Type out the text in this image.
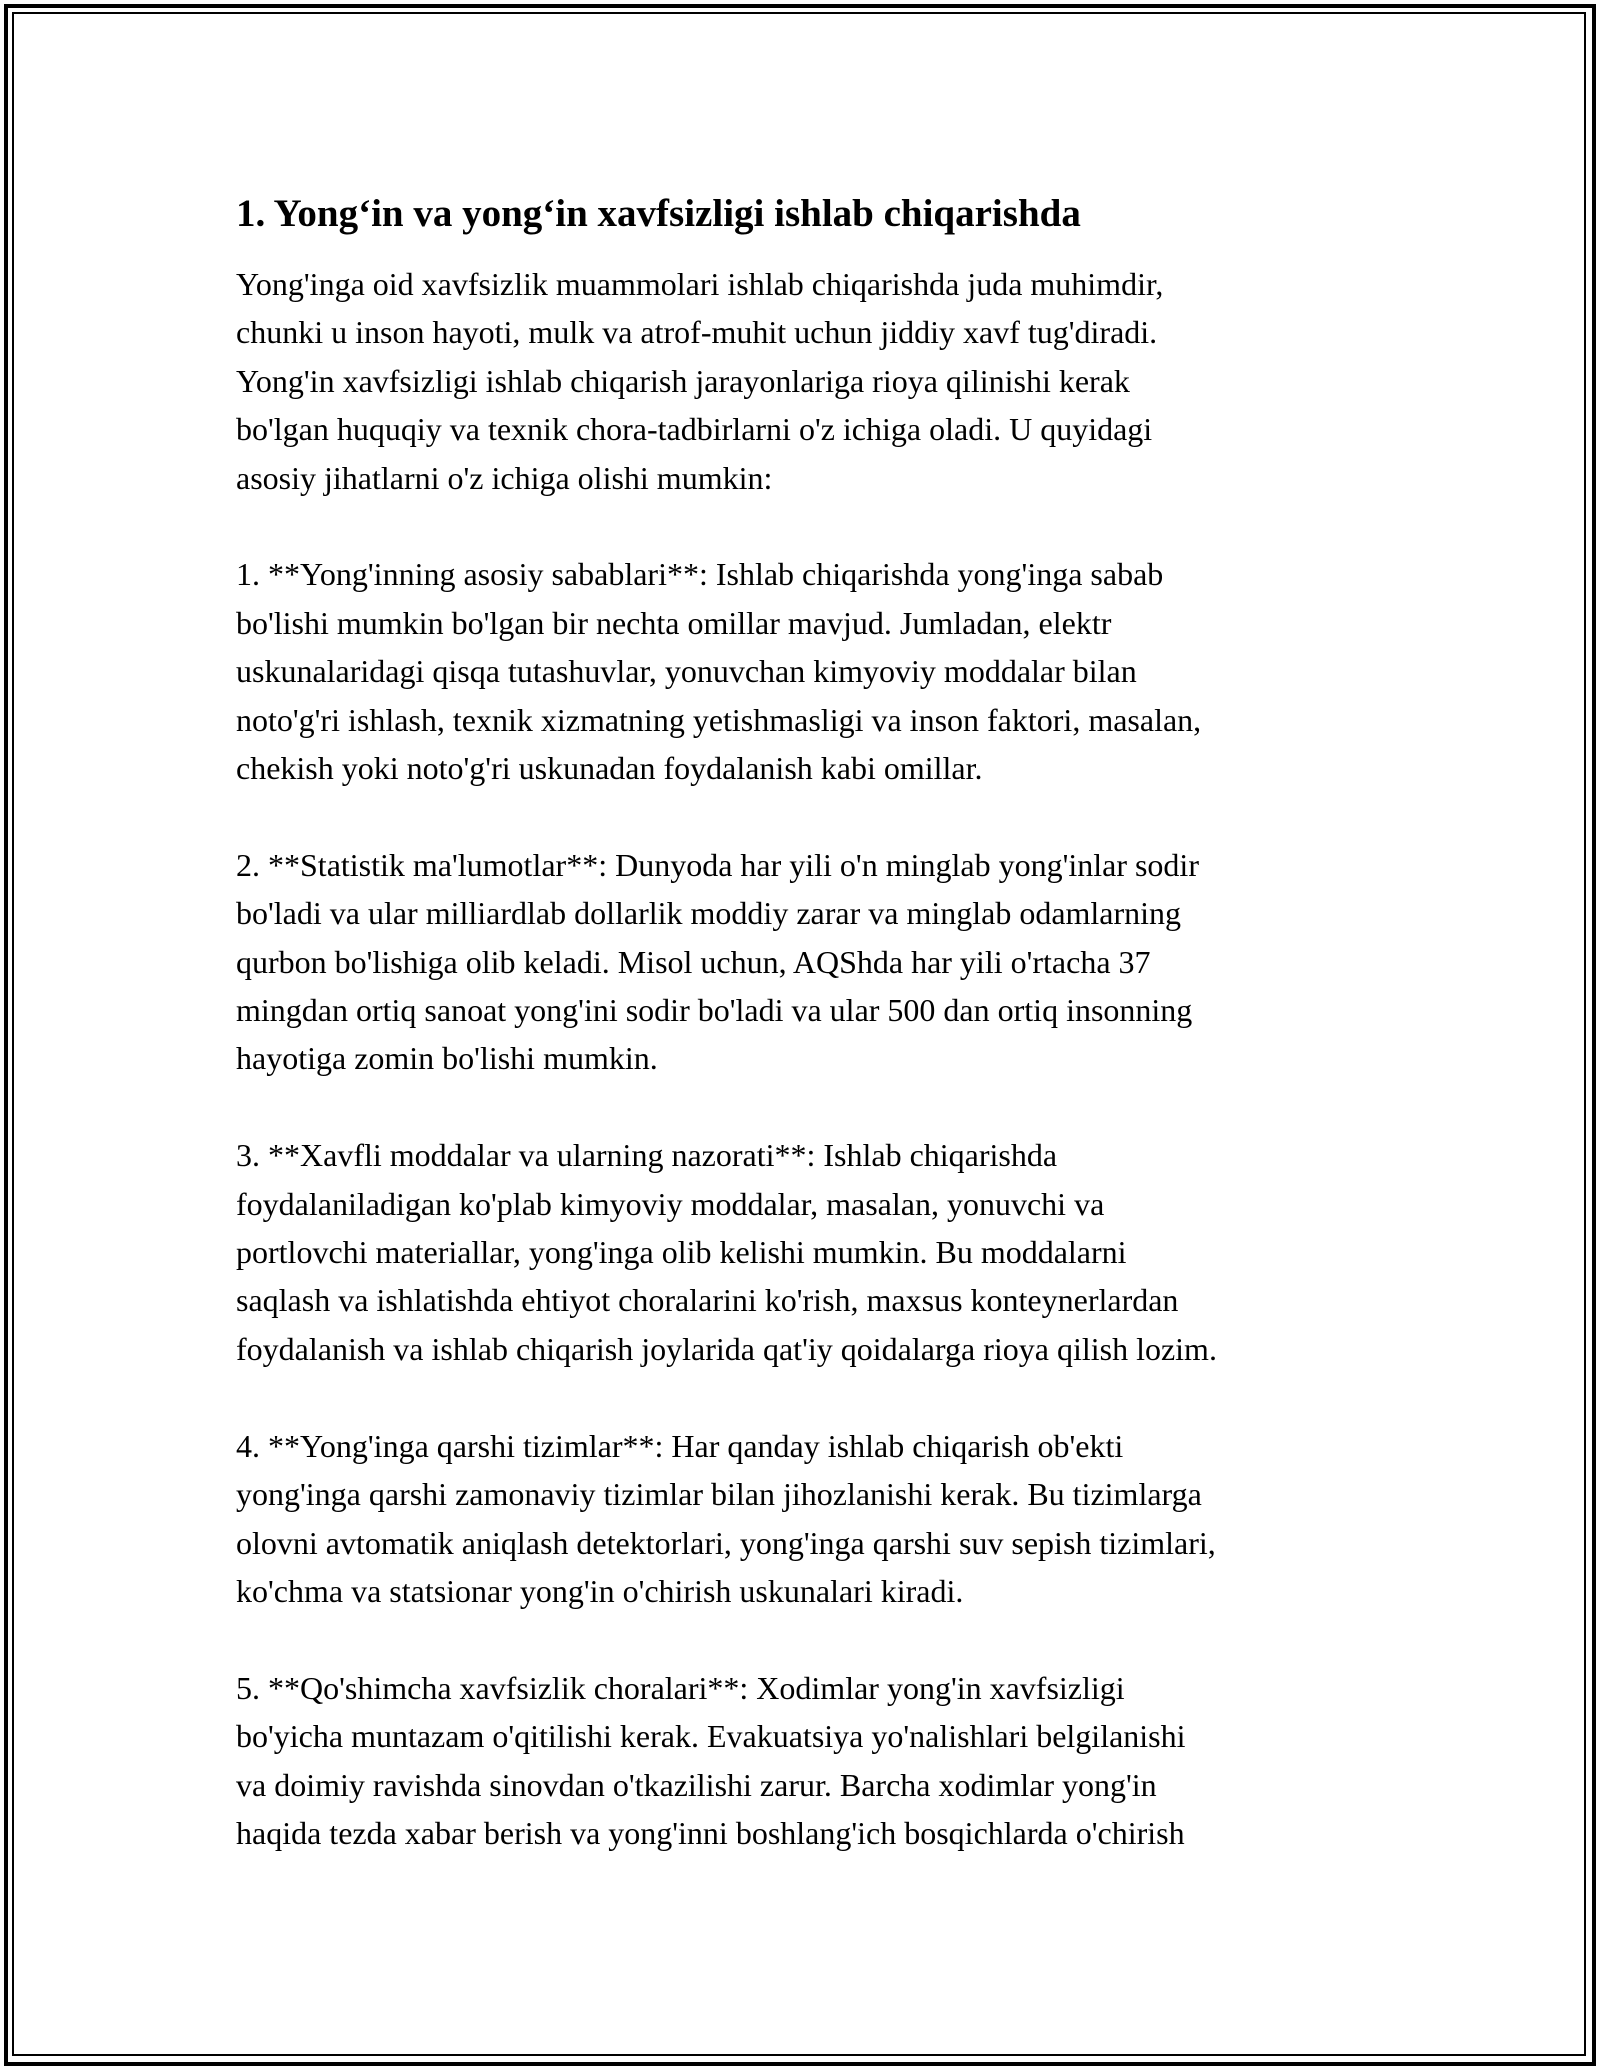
1. Yong‘in va yong‘in xavfsizligi ishlab chiqarishda

Yong'inga oid xavfsizlik muammolari ishlab chiqarishda juda muhimdir,
chunki u inson hayoti, mulk va atrof-muhit uchun jiddiy xavf tug'diradi.
Yong'in xavfsizligi ishlab chiqarish jarayonlariga rioya qilinishi kerak
bo'lgan huquqiy va texnik chora-tadbirlarni o'z ichiga oladi. U quyidagi
asosiy jihatlarni o'z ichiga olishi mumkin:

1. **Yong'inning asosiy sabablari**: Ishlab chiqarishda yong'inga sabab
bo'lishi mumkin bo'lgan bir nechta omillar mavjud. Jumladan, elektr
uskunalaridagi qisqa tutashuvlar, yonuvchan kimyoviy moddalar bilan
noto'g'ri ishlash, texnik xizmatning yetishmasligi va inson faktori, masalan,
chekish yoki noto'g'ri uskunadan foydalanish kabi omillar.

2. **Statistik ma'lumotlar**: Dunyoda har yili o'n minglab yong'inlar sodir
bo'ladi va ular milliardlab dollarlik moddiy zarar va minglab odamlarning
qurbon bo'lishiga olib keladi. Misol uchun, AQShda har yili o'rtacha 37
mingdan ortiq sanoat yong'ini sodir bo'ladi va ular 500 dan ortiq insonning
hayotiga zomin bo'lishi mumkin.

3. **Xavfli moddalar va ularning nazorati**: Ishlab chiqarishda
foydalaniladigan ko'plab kimyoviy moddalar, masalan, yonuvchi va
portlovchi materiallar, yong'inga olib kelishi mumkin. Bu moddalarni
saqlash va ishlatishda ehtiyot choralarini ko'rish, maxsus konteynerlardan
foydalanish va ishlab chiqarish joylarida qat'iy qoidalarga rioya qilish lozim.

4. **Yong'inga qarshi tizimlar**: Har qanday ishlab chiqarish ob'ekti
yong'inga qarshi zamonaviy tizimlar bilan jihozlanishi kerak. Bu tizimlarga
olovni avtomatik aniqlash detektorlari, yong'inga qarshi suv sepish tizimlari,
ko'chma va statsionar yong'in o'chirish uskunalari kiradi.

5. **Qo'shimcha xavfsizlik choralari**: Xodimlar yong'in xavfsizligi
bo'yicha muntazam o'qitilishi kerak. Evakuatsiya yo'nalishlari belgilanishi
va doimiy ravishda sinovdan o'tkazilishi zarur. Barcha xodimlar yong'in
haqida tezda xabar berish va yong'inni boshlang'ich bosqichlarda o'chirish
